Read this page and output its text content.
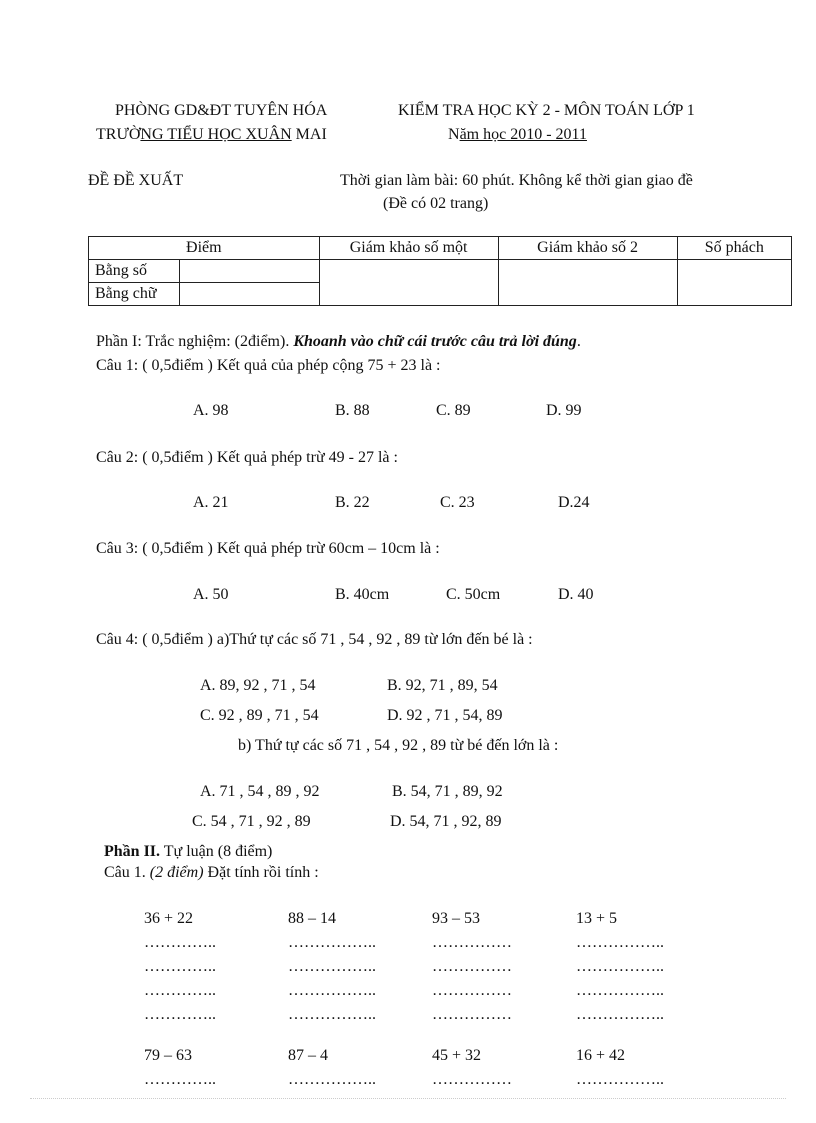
PHÒNG GD&ĐT TUYÊN HÓA
TRƯỜNG TIỂU HỌC XUÂN MAI
KIỂM TRA HỌC KỲ 2 - MÔN TOÁN LỚP 1
Năm học 2010 - 2011
ĐỀ ĐỀ XUẤT	Thời gian làm bài: 60 phút. Không kể thời gian giao đề
(Đề có 02 trang)
Điểm		Giám khảo số một	Giám khảo số 2	Số phách
Bằng số				
Bằng chữ				
Phần I: Trắc nghiệm: (2điểm). Khoanh vào chữ cái trước câu trả lời đúng.
Câu 1: ( 0,5điểm ) Kết quả của phép cộng 75 + 23 là :
A. 98	B. 88	C. 89	D. 99
Câu 2: ( 0,5điểm ) Kết quả phép trừ 49 - 27 là :
A. 21	B. 22	C. 23	D.24
Câu 3: ( 0,5điểm ) Kết quả phép trừ 60cm – 10cm là :
A. 50	B. 40cm	C. 50cm	D. 40
Câu 4: ( 0,5điểm ) a)Thứ tự các số 71 , 54 , 92 , 89 từ lớn đến bé là :
A. 89, 92 , 71 , 54	B. 92, 71 , 89, 54
C. 92 , 89 , 71 , 54	D. 92 , 71 , 54, 89
b) Thứ tự các số 71 , 54 , 92 , 89 từ bé đến lớn là :
A. 71 , 54 , 89 , 92	B. 54, 71 , 89, 92
C. 54 , 71 , 92 , 89	D. 54, 71 , 92, 89
Phần II. Tự luận (8 điểm)
Câu 1. (2 điểm) Đặt tính rồi tính :
36 + 22	88 – 14	93 – 53	13 + 5
…………..	……………..	……………	……………..
…………..	……………..	……………	……………..
…………..	……………..	……………	……………..
…………..	……………..	……………	……………..
79 – 63	87 – 4	45 + 32	16 + 42
…………..	……………..	……………	……………..
